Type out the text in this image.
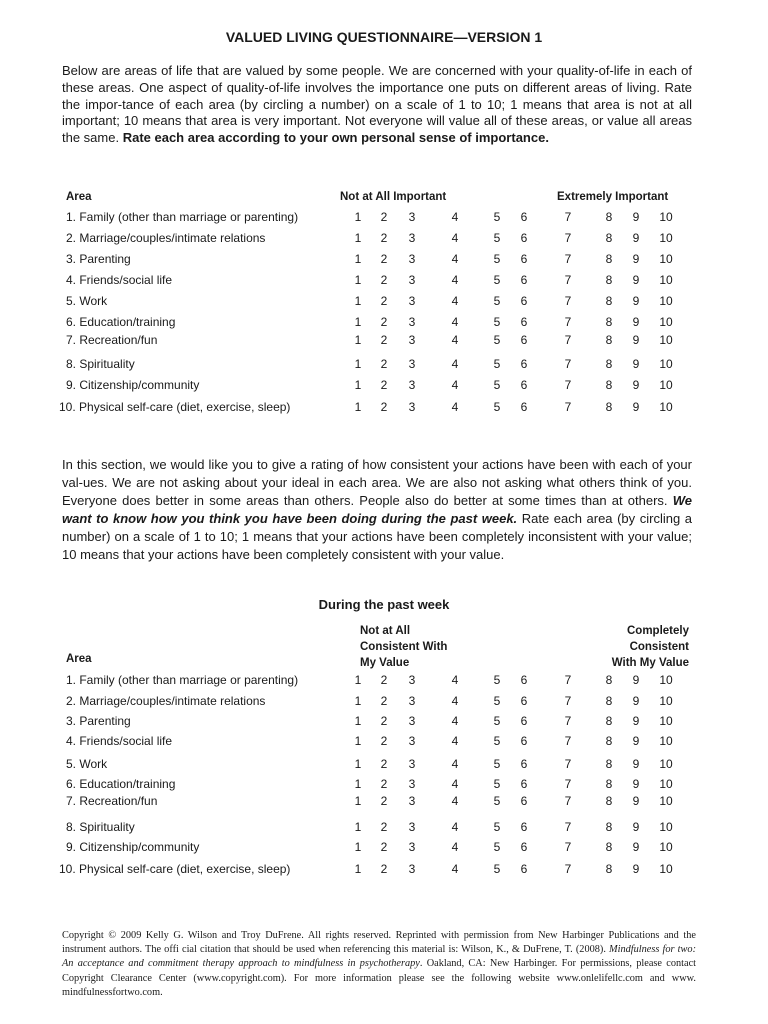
VALUED LIVING QUESTIONNAIRE—VERSION 1
Below are areas of life that are valued by some people. We are concerned with your quality-of-life in each of these areas. One aspect of quality-of-life involves the importance one puts on different areas of living. Rate the impor-tance of each area (by circling a number) on a scale of 1 to 10; 1 means that area is not at all important; 10 means that area is very important. Not everyone will value all of these areas, or value all areas the same. Rate each area according to your own personal sense of importance.
Area	Not at All Important	Extremely Important
1. Family (other than marriage or parenting)	1	2	3	4	5	6	7	8	9	10
2. Marriage/couples/intimate relations	1	2	3	4	5	6	7	8	9	10
3. Parenting	1	2	3	4	5	6	7	8	9	10
4. Friends/social life	1	2	3	4	5	6	7	8	9	10
5. Work	1	2	3	4	5	6	7	8	9	10
6. Education/training	1	2	3	4	5	6	7	8	9	10
7. Recreation/fun	1	2	3	4	5	6	7	8	9	10
8. Spirituality	1	2	3	4	5	6	7	8	9	10
9. Citizenship/community	1	2	3	4	5	6	7	8	9	10
10. Physical self-care (diet, exercise, sleep)	1	2	3	4	5	6	7	8	9	10
In this section, we would like you to give a rating of how consistent your actions have been with each of your val-ues. We are not asking about your ideal in each area. We are also not asking what others think of you. Everyone does better in some areas than others. People also do better at some times than at others. We want to know how you think you have been doing during the past week. Rate each area (by circling a number) on a scale of 1 to 10; 1 means that your actions have been completely inconsistent with your value; 10 means that your actions have been completely consistent with your value.
During the past week
Not at All
Consistent With
My Value
Completely
Consistent
With My Value
Area
1. Family (other than marriage or parenting)	1	2	3	4	5	6	7	8	9	10
2. Marriage/couples/intimate relations	1	2	3	4	5	6	7	8	9	10
3. Parenting	1	2	3	4	5	6	7	8	9	10
4. Friends/social life	1	2	3	4	5	6	7	8	9	10
5. Work	1	2	3	4	5	6	7	8	9	10
6. Education/training	1	2	3	4	5	6	7	8	9	10
7. Recreation/fun	1	2	3	4	5	6	7	8	9	10
8. Spirituality	1	2	3	4	5	6	7	8	9	10
9. Citizenship/community	1	2	3	4	5	6	7	8	9	10
10. Physical self-care (diet, exercise, sleep)	1	2	3	4	5	6	7	8	9	10
Copyright © 2009 Kelly G. Wilson and Troy DuFrene. All rights reserved. Reprinted with permission from New Harbinger Publications and the instrument authors. The offi cial citation that should be used when referencing this material is: Wilson, K., & DuFrene, T. (2008). Mindfulness for two: An acceptance and commitment therapy approach to mindfulness in psychotherapy. Oakland, CA: New Harbinger. For permissions, please contact Copyright Clearance Center (www.copyright.com). For more information please see the following website www.onlelifellc.com and www. mindfulnessfortwo.com.
